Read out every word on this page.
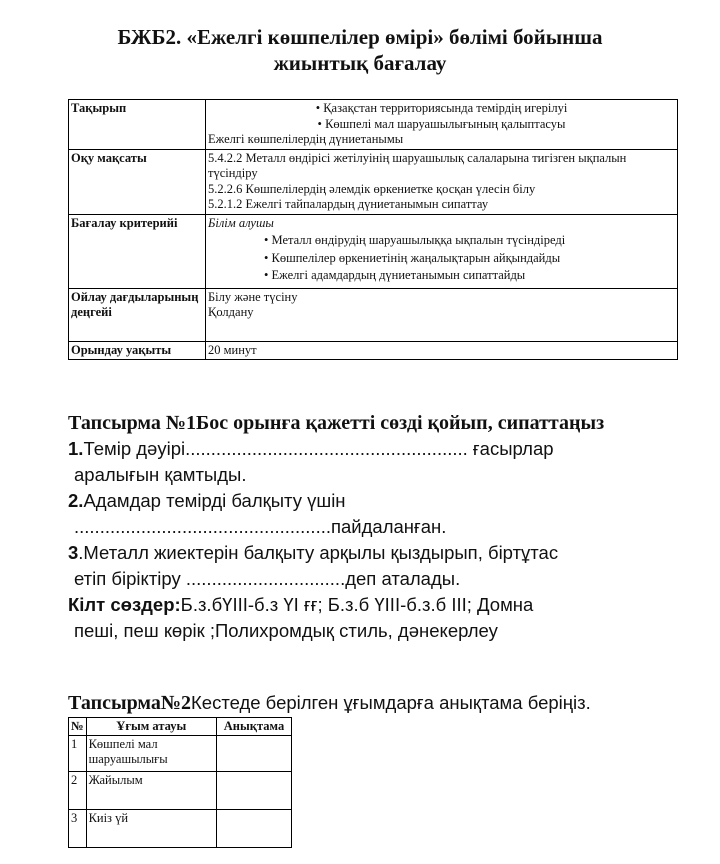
БЖБ2. «Ежелгі көшпелілер өмірі» бөлімі бойынша
жиынтық бағалау
Тақырып	• Қазақстан территориясында темірдің игерілуі
• Көшпелі мал шаруашылығының қалыптасуы
Ежелгі көшпелілердің дүниетанымы

Оқу мақсаты	5.4.2.2 Металл өндірісі жетілуінің шаруашылық салаларына тигізген ықпалын түсіндіру
5.2.2.6 Көшпелілердің әлемдік өркениетке қосқан үлесін білу
5.2.1.2 Ежелгі тайпалардың дүниетанымын сипаттау

Бағалау критерийі	Білім алушы
• Металл өндірудің шаруашылыққа ықпалын түсіндіреді
• Көшпелілер өркениетінің жаңалықтарын айқындайды
• Ежелгі адамдардың дүниетанымын сипаттайды

Ойлау дағдыларының деңгейі	Білу және түсіну
Қолдану

Орындау уақыты	20 минут

Тапсырма №1Бос орынға қажетті сөзді қойып, сипаттаңыз

1.Темір дәуірі....................................................... ғасырлар

аралығын қамтыды.

2.Адамдар темірді балқыту үшін

..................................................пайдаланған.

3.Металл жиектерін балқыту арқылы қыздырып, біртұтас

етіп біріктіру ...............................деп аталады.

Кілт сөздер:Б.з.бҮІІІ-б.з ҮІ ғғ; Б.з.б ҮІІІ-б.з.б ІІІ; Домна

пеші, пеш көрік ;Полихромдық стиль, дәнекерлеу

Тапсырма№2Кестеде берілген ұғымдарға анықтама беріңіз.
№	Ұғым атауы	Анықтама
1	Көшпелі мал шаруашылығы	
2	Жайылым	
3	Киіз үй	
